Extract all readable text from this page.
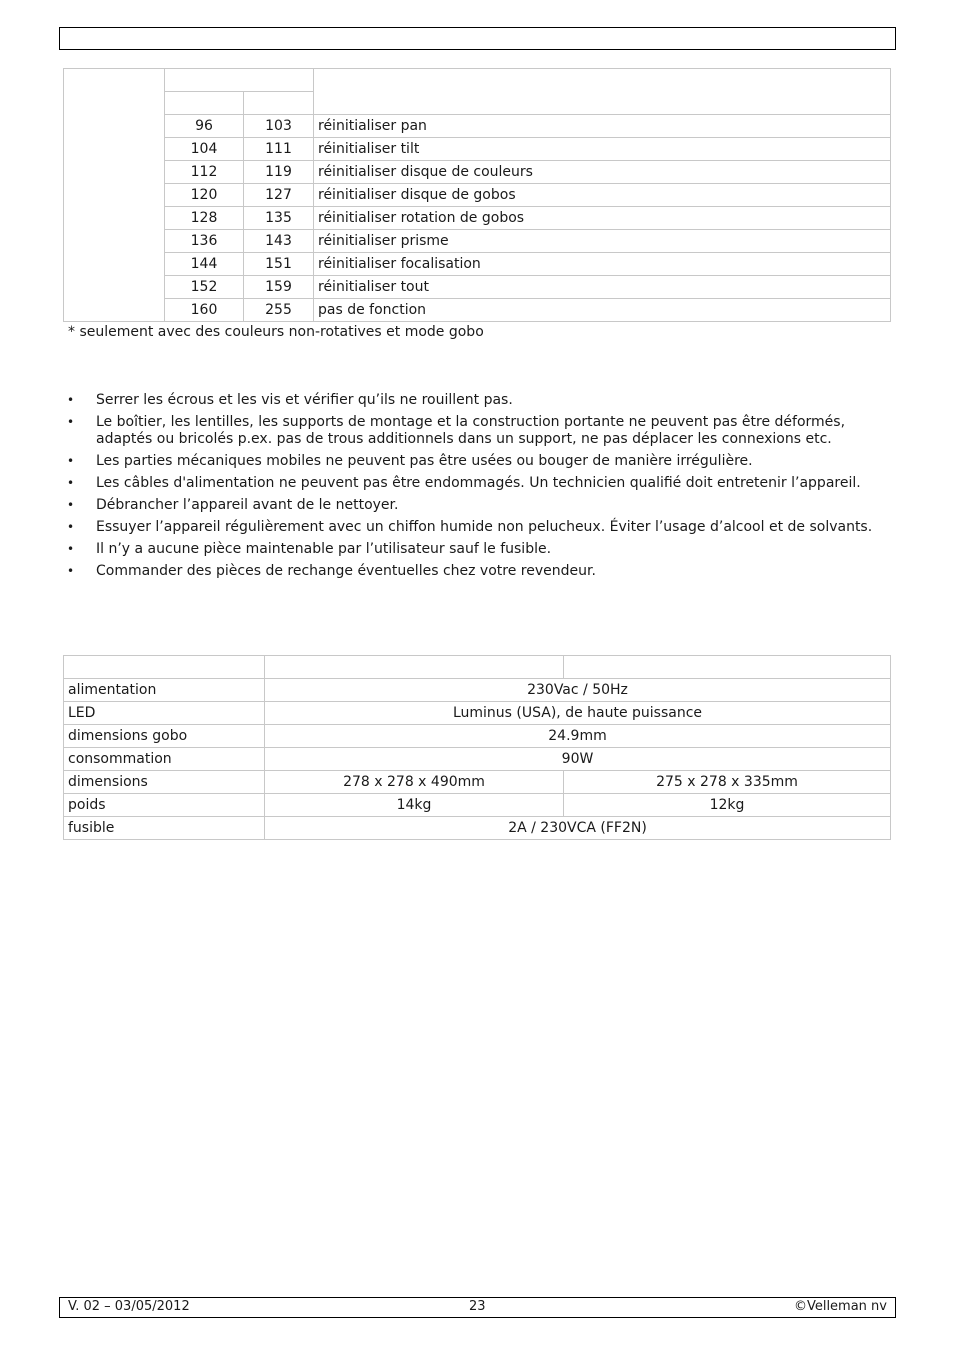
	96	103	réinitialiser pan
	104	111	réinitialiser tilt
	112	119	réinitialiser disque de couleurs
	120	127	réinitialiser disque de gobos
	128	135	réinitialiser rotation de gobos
	136	143	réinitialiser prisme
	144	151	réinitialiser focalisation
	152	159	réinitialiser tout
	160	255	pas de fonction
* seulement avec des couleurs non-rotatives et mode gobo
• Serrer les écrous et les vis et vérifier qu’ils ne rouillent pas.
• Le boîtier, les lentilles, les supports de montage et la construction portante ne peuvent pas être déformés, adaptés ou bricolés p.ex. pas de trous additionnels dans un support, ne pas déplacer les connexions etc.
• Les parties mécaniques mobiles ne peuvent pas être usées ou bouger de manière irrégulière.
• Les câbles d'alimentation ne peuvent pas être endommagés. Un technicien qualifié doit entretenir l’appareil.
• Débrancher l’appareil avant de le nettoyer.
• Essuyer l’appareil régulièrement avec un chiffon humide non pelucheux. Éviter l’usage d’alcool et de solvants.
• Il n’y a aucune pièce maintenable par l’utilisateur sauf le fusible.
• Commander des pièces de rechange éventuelles chez votre revendeur.

alimentation	230Vac / 50Hz	
LED	Luminus (USA), de haute puissance	
dimensions gobo	24.9mm	
consommation	90W	
dimensions	278 x 278 x 490mm	275 x 278 x 335mm
poids	14kg	12kg
fusible	2A / 230VCA (FF2N)	
V. 02 – 03/05/2012	23	©Velleman nv
